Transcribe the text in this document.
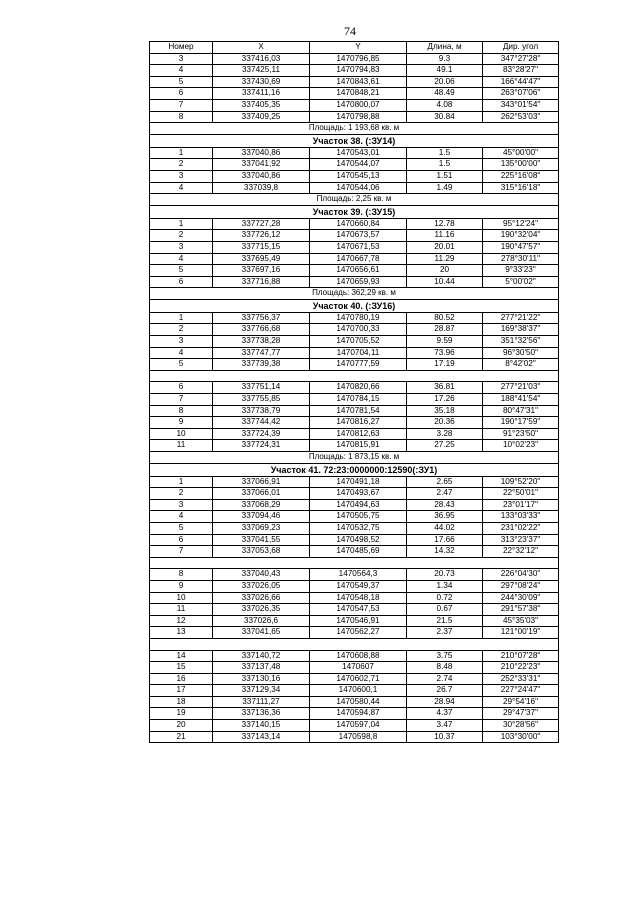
74
Номер	X	Y	Длина, м	Дир. угол
3	337416,03	1470796,85	9.3	347°27'28"
4	337425,11	1470794,83	49.1	83°28'27"
5	337430,69	1470843,61	20.06	166°44'47"
6	337411,16	1470848,21	48.49	263°07'06"
7	337405,35	1470800,07	4.08	343°01'54"
8	337409,25	1470798,88	30.84	262°53'03"
Площадь: 1 193,68 кв. м				
Участок 38. (:ЗУ14)				
1	337040,86	1470543,01	1.5	45°00'00"
2	337041,92	1470544,07	1.5	135°00'00"
3	337040,86	1470545,13	1.51	225°16'08"
4	337039,8	1470544,06	1.49	315°16'18"
Площадь: 2,25 кв. м				
Участок 39. (:ЗУ15)				
1	337727,28	1470660,84	12.78	95°12'24"
2	337726,12	1470673,57	11.16	190°32'04"
3	337715,15	1470671,53	20.01	190°47'57"
4	337695,49	1470667,78	11.29	278°30'11"
5	337697,16	1470656,61	20	9°33'23"
6	337716,88	1470659,93	10.44	5°00'02"
Площадь: 362,29 кв. м				
Участок 40. (:ЗУ16)				
1	337756,37	1470780,19	80.52	277°21'22"
2	337766,68	1470700,33	28.87	169°38'37"
3	337738,28	1470705,52	9.59	351°32'56"
4	337747,77	1470704,11	73.96	96°30'50"
5	337739,38	1470777,59	17.19	8°42'02"

6	337751,14	1470820,66	36.81	277°21'03"
7	337755,85	1470784,15	17.26	188°41'54"
8	337738,79	1470781,54	35.18	80°47'31"
9	337744,42	1470816,27	20.36	190°17'59"
10	337724,39	1470812,63	3.28	91°23'50"
11	337724,31	1470815,91	27.25	10°02'23"
Площадь: 1 873,15 кв. м				
Участок 41. 72:23:0000000:12590(:ЗУ1)				
1	337066,91	1470491,18	2.65	109°52'20"
2	337066,01	1470493,67	2.47	22°50'01"
3	337068,29	1470494,63	28.43	23°01'17"
4	337094,46	1470505,75	36.95	133°03'33"
5	337069,23	1470532,75	44.02	231°02'22"
6	337041,55	1470498,52	17.66	313°23'37"
7	337053,68	1470485,69	14.32	22°32'12"

8	337040,43	1470564,3	20.73	226°04'30"
9	337026,05	1470549,37	1.34	297°08'24"
10	337026,66	1470548,18	0.72	244°30'09"
11	337026,35	1470547,53	0.67	291°57'38"
12	337026,6	1470546,91	21.5	45°35'03"
13	337041,65	1470562,27	2.37	121°00'19"

14	337140,72	1470608,88	3.75	210°07'28"
15	337137,48	1470607	8.48	210°22'23"
16	337130,16	1470602,71	2.74	252°33'31"
17	337129,34	1470600,1	26.7	227°24'47"
18	337111,27	1470580,44	28.94	29°54'16"
19	337136,36	1470594,87	4.37	29°47'37"
20	337140,15	1470597,04	3.47	30°28'56"
21	337143,14	1470598,8	10.37	103°30'00"
